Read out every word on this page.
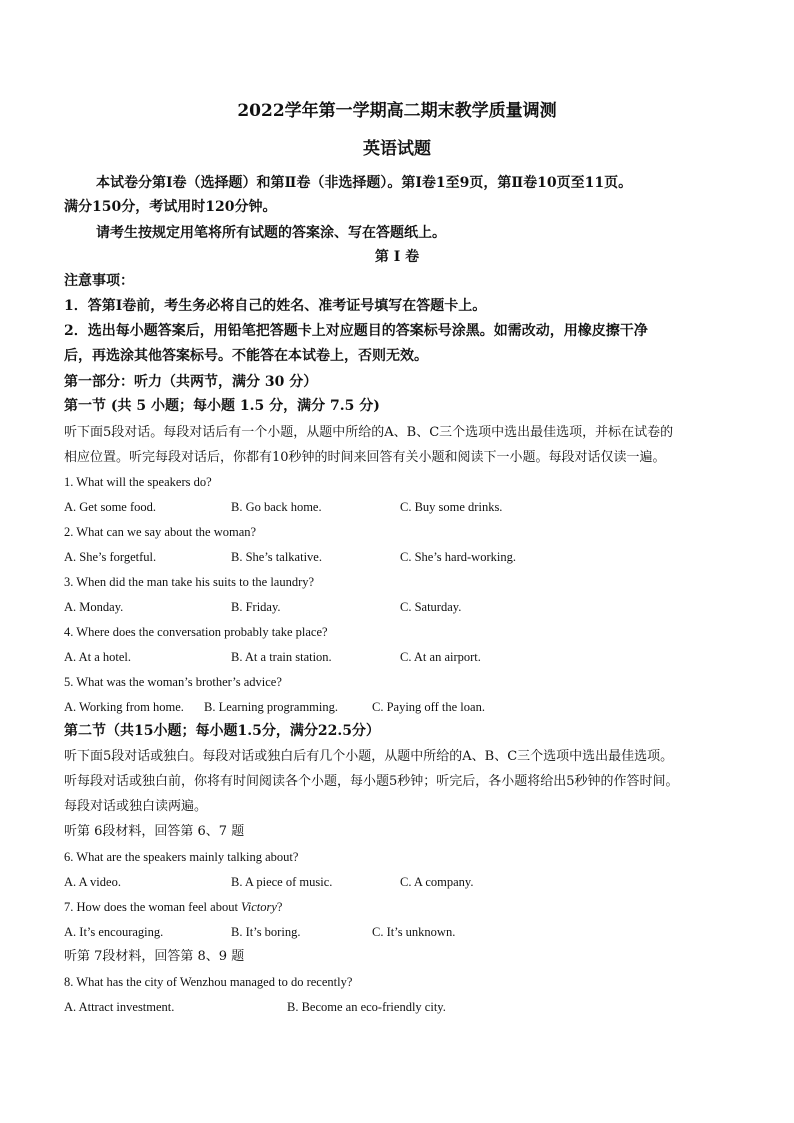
2022学年第一学期高二期末教学质量调测
英语试题
本试卷分第Ⅰ卷（选择题）和第Ⅱ卷（非选择题）。第Ⅰ卷1至9页，第Ⅱ卷10页至11页。
满分150分，考试用时120分钟。
请考生按规定用笔将所有试题的答案涂、写在答题纸上。
第 Ⅰ 卷
注意事项：
1．答第Ⅰ卷前，考生务必将自己的姓名、准考证号填写在答题卡上。
2．选出每小题答案后，用铅笔把答题卡上对应题目的答案标号涂黑。如需改动，用橡皮擦干净
后，再选涂其他答案标号。不能答在本试卷上，否则无效。
第一部分：听力（共两节，满分 30 分）
第一节 (共 5 小题；每小题 1.5 分，满分 7.5 分)
听下面5段对话。每段对话后有一个小题，从题中所给的A、B、C三个选项中选出最佳选项，并标在试卷的
相应位置。听完每段对话后，你都有10秒钟的时间来回答有关小题和阅读下一小题。每段对话仅读一遍。
1. What will the speakers do?
A. Get some food.	B. Go back home.	C. Buy some drinks.
2. What can we say about the woman?
A. She’s forgetful.	B. She’s talkative.	C. She’s hard-working.
3. When did the man take his suits to the laundry?
A. Monday.	B. Friday.	C. Saturday.
4. Where does the conversation probably take place?
A. At a hotel.	B. At a train station.	C. At an airport.
5. What was the woman’s brother’s advice?
A. Working from home. B. Learning programming.	C. Paying off the loan.
第二节（共15小题；每小题1.5分，满分22.5分）
听下面5段对话或独白。每段对话或独白后有几个小题，从题中所给的A、B、C三个选项中选出最佳选项。
听每段对话或独白前，你将有时间阅读各个小题，每小题5秒钟；听完后，各小题将给出5秒钟的作答时间。
每段对话或独白读两遍。
听第 6段材料，回答第 6、7 题
6. What are the speakers mainly talking about?
A. A video.	B. A piece of music.	C. A company.
7. How does the woman feel about Victory?
A. It’s encouraging.	B. It’s boring.	C. It’s unknown.
听第 7段材料，回答第 8、9 题
8. What has the city of Wenzhou managed to do recently?
A. Attract investment.	B. Become an eco-friendly city.
